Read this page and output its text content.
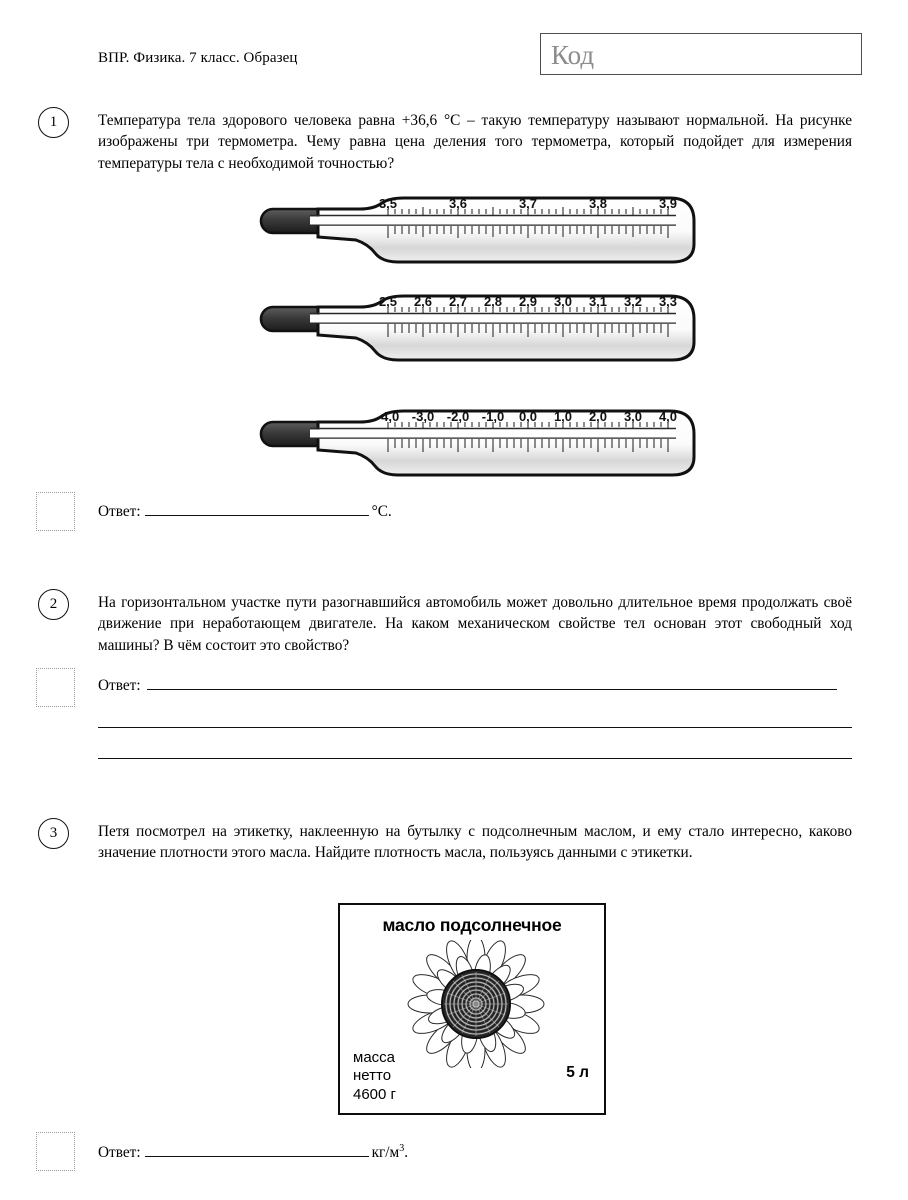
ВПР. Физика. 7 класс. Образец	Код
1	Температура тела здорового человека равна +36,6 °С – такую температуру называют нормальной. На рисунке изображены три термометра. Чему равна цена деления того термометра, который подойдет для измерения температуры тела с необходимой точностью?

3,5	3,6	3,7	3,8	3,9
2,5 2,6 2,7 2,8 2,9 3,0 3,1 3,2 3,3
-4,0 -3,0 -2,0 -1,0 0,0 1,0 2,0 3,0 4,0
Ответ:	°С.
2	На горизонтальном участке пути разогнавшийся автомобиль может довольно длительное время продолжать своё движение при неработающем двигателе. На каком механическом свойстве тел основан этот свободный ход машины? В чём состоит это свойство?

Ответ:
3	Петя посмотрел на этикетку, наклеенную на бутылку с подсолнечным маслом, и ему стало интересно, каково значение плотности этого масла. Найдите плотность масла, пользуясь данными с этикетки.

масло подсолнечное
масса
нетто
4600 г
5 л
Ответ:	$кг/м^3$.
